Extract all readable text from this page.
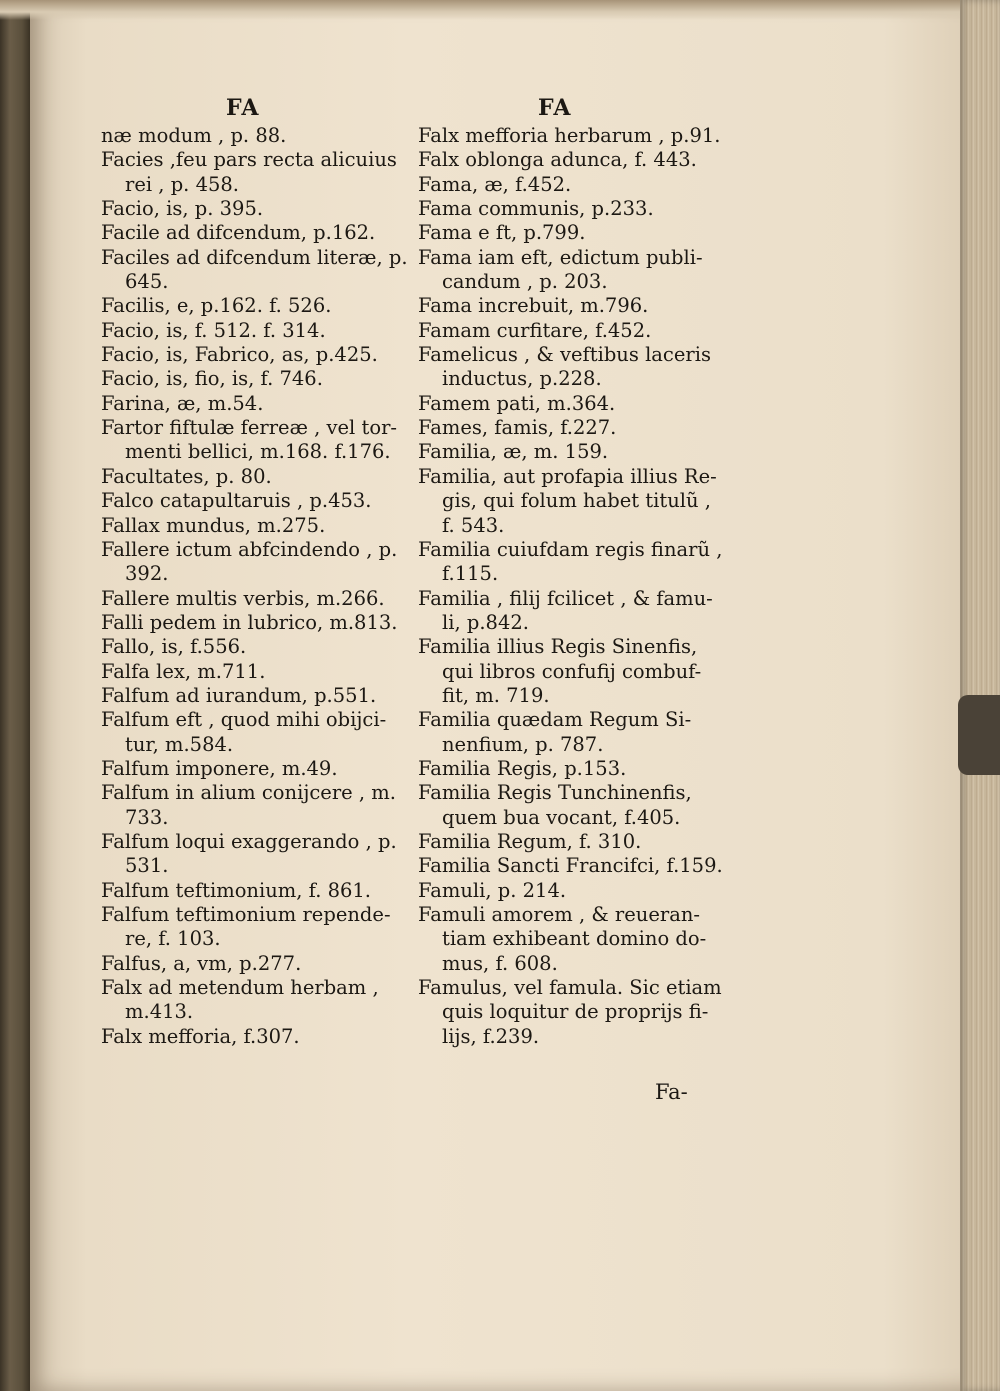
FA
næ modum , p. 88.
Facies ,feu pars recta alicuius
rei , p. 458.
Facio, is, p. 395.
Facile ad difcendum, p.162.
Faciles ad difcendum literæ, p.
645.
Facilis, e, p.162. f. 526.
Facio, is, f. 512. f. 314.
Facio, is, Fabrico, as, p.425.
Facio, is, fio, is, f. 746.
Farina, æ, m.54.
Fartor fiftulæ ferreæ , vel tor-
menti bellici, m.168. f.176.
Facultates, p. 80.
Falco catapultaruis , p.453.
Fallax mundus, m.275.
Fallere ictum abfcindendo , p.
392.
Fallere multis verbis, m.266.
Falli pedem in lubrico, m.813.
Fallo, is, f.556.
Falfa lex, m.711.
Falfum ad iurandum, p.551.
Falfum eft , quod mihi obijci-
tur, m.584.
Falfum imponere, m.49.
Falfum in alium conijcere , m.
733.
Falfum loqui exaggerando , p.
531.
Falfum teftimonium, f. 861.
Falfum teftimonium repende-
re, f. 103.
Falfus, a, vm, p.277.
Falx ad metendum herbam ,
m.413.
Falx mefforia, f.307.
FA
Falx mefforia herbarum , p.91.
Falx oblonga adunca, f. 443.
Fama, æ, f.452.
Fama communis, p.233.
Fama e ft, p.799.
Fama iam eft, edictum publi-
candum , p. 203.
Fama increbuit, m.796.
Famam curfitare, f.452.
Famelicus , & veftibus laceris
inductus, p.228.
Famem pati, m.364.
Fames, famis, f.227.
Familia, æ, m. 159.
Familia, aut profapia illius Re-
gis, qui folum habet titulũ ,
f. 543.
Familia cuiufdam regis finarũ ,
f.115.
Familia , filij fcilicet , & famu-
li, p.842.
Familia illius Regis Sinenfis,
qui libros confufij combuf-
fit, m. 719.
Familia quædam Regum Si-
nenfium, p. 787.
Familia Regis, p.153.
Familia Regis Tunchinenfis,
quem bua vocant, f.405.
Familia Regum, f. 310.
Familia Sancti Francifci, f.159.
Famuli, p. 214.
Famuli amorem , & reueran-
tiam exhibeant domino do-
mus, f. 608.
Famulus, vel famula. Sic etiam
quis loquitur de proprijs fi-
lijs, f.239.
Fa-
